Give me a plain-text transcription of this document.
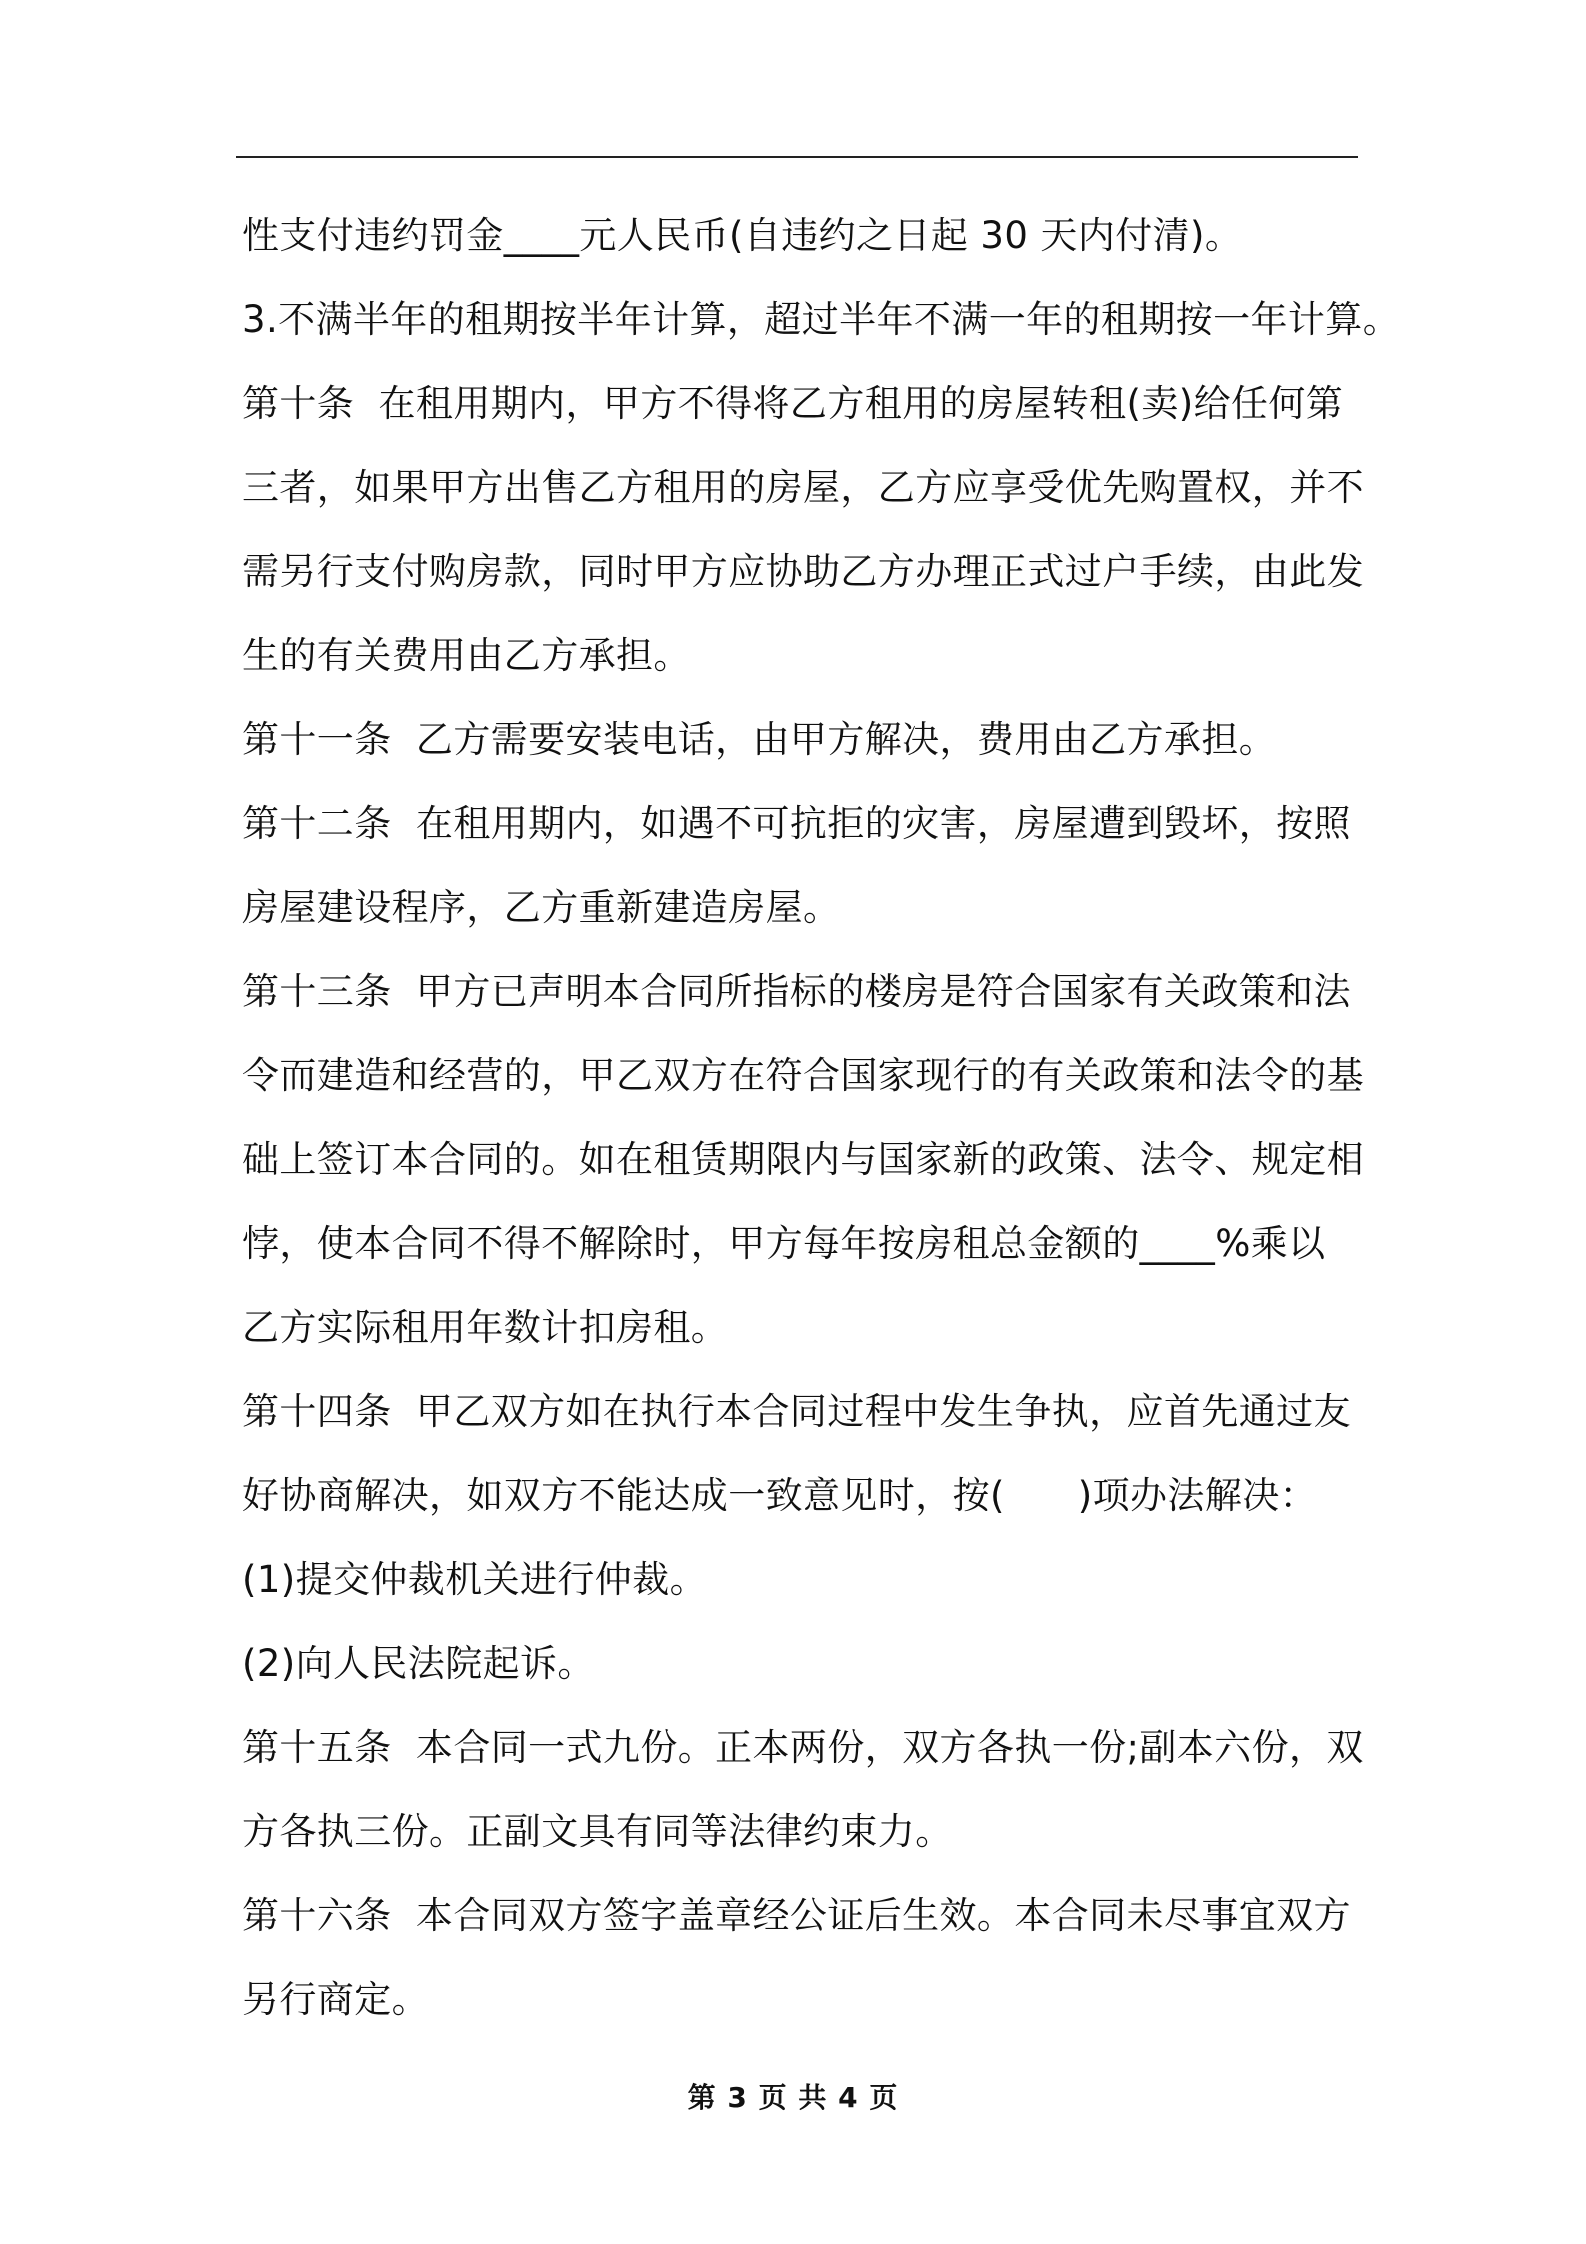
性支付违约罚金____元人民币(自违约之日起 30 天内付清)。
3.不满半年的租期按半年计算，超过半年不满一年的租期按一年计算。
第十条  在租用期内，甲方不得将乙方租用的房屋转租(卖)给任何第
三者，如果甲方出售乙方租用的房屋，乙方应享受优先购置权，并不
需另行支付购房款，同时甲方应协助乙方办理正式过户手续，由此发
生的有关费用由乙方承担。
第十一条  乙方需要安装电话，由甲方解决，费用由乙方承担。
第十二条  在租用期内，如遇不可抗拒的灾害，房屋遭到毁坏，按照
房屋建设程序，乙方重新建造房屋。
第十三条  甲方已声明本合同所指标的楼房是符合国家有关政策和法
令而建造和经营的，甲乙双方在符合国家现行的有关政策和法令的基
础上签订本合同的。如在租赁期限内与国家新的政策、法令、规定相
悖，使本合同不得不解除时，甲方每年按房租总金额的____%乘以
乙方实际租用年数计扣房租。
第十四条  甲乙双方如在执行本合同过程中发生争执，应首先通过友
好协商解决，如双方不能达成一致意见时，按(      )项办法解决：
(1)提交仲裁机关进行仲裁。
(2)向人民法院起诉。
第十五条  本合同一式九份。正本两份，双方各执一份;副本六份，双
方各执三份。正副文具有同等法律约束力。
第十六条  本合同双方签字盖章经公证后生效。本合同未尽事宜双方
另行商定。
第 3 页 共 4 页
